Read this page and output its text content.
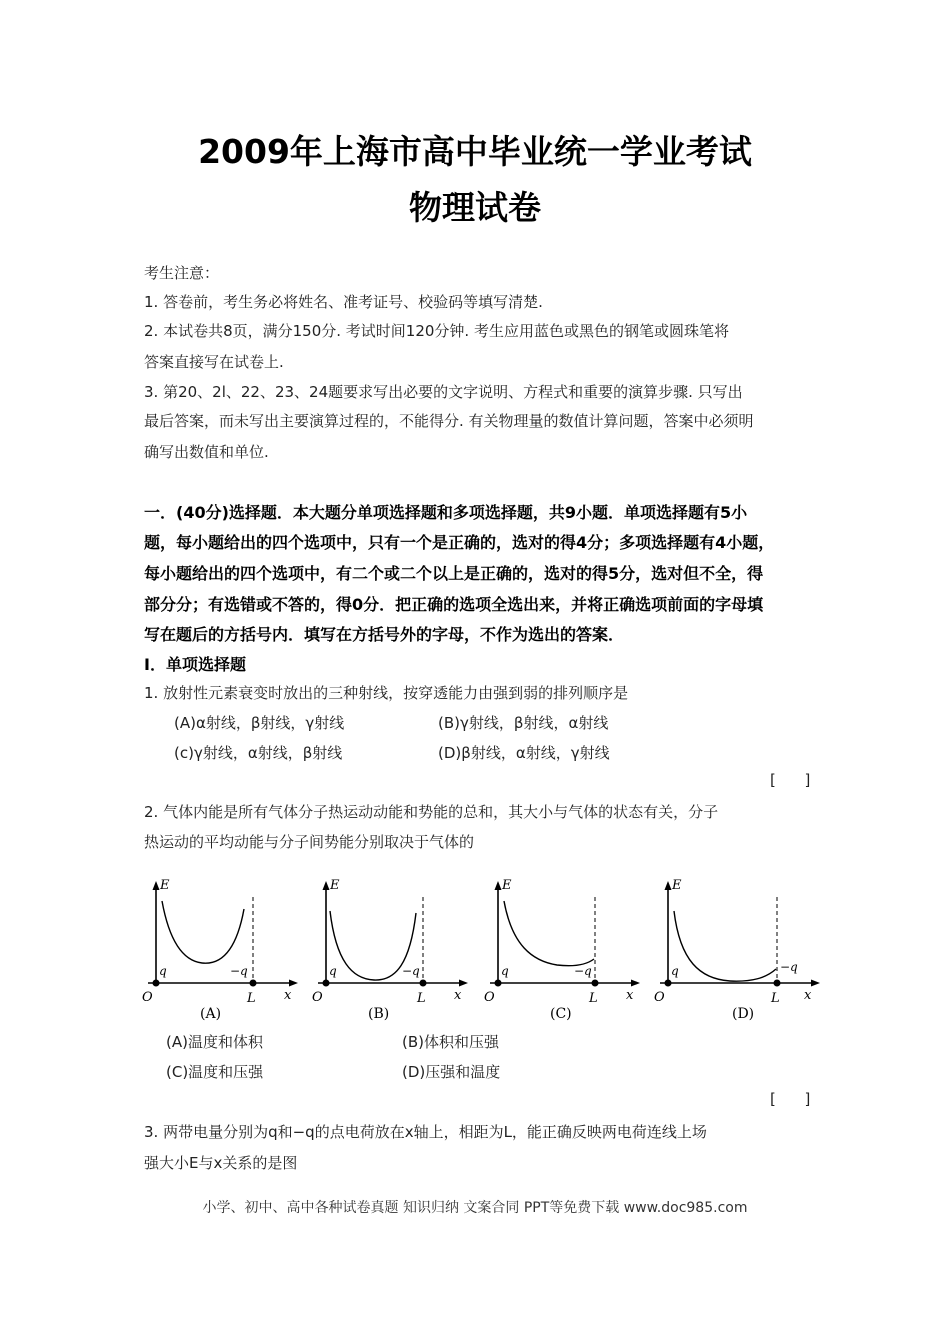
2009年上海市高中毕业统一学业考试
物理试卷
考生注意：
1. 答卷前，考生务必将姓名、准考证号、校验码等填写清楚.
2. 本试卷共8页，满分150分. 考试时间120分钟. 考生应用蓝色或黑色的钢笔或圆珠笔将
答案直接写在试卷上.
3. 第20、2l、22、23、24题要求写出必要的文字说明、方程式和重要的演算步骤. 只写出
最后答案，而未写出主要演算过程的，不能得分. 有关物理量的数值计算问题，答案中必须明
确写出数值和单位.
一．(40分)选择题．本大题分单项选择题和多项选择题，共9小题．单项选择题有5小
题，每小题给出的四个选项中，只有一个是正确的，选对的得4分；多项选择题有4小题，
每小题给出的四个选项中，有二个或二个以上是正确的，选对的得5分，选对但不全，得
部分分；有选错或不答的，得0分．把正确的选项全选出来，并将正确选项前面的字母填
写在题后的方括号内．填写在方括号外的字母，不作为选出的答案．
Ⅰ．单项选择题
1. 放射性元素衰变时放出的三种射线，按穿透能力由强到弱的排列顺序是
(A)α射线，β射线，γ射线	(B)γ射线，β射线，α射线
(c)γ射线，α射线，β射线	(D)β射线，α射线，γ射线
[      ]
2. 气体内能是所有气体分子热运动动能和势能的总和，其大小与气体的状态有关，分子
热运动的平均动能与分子间势能分别取决于气体的
E
q	−q
O	L x
(A)
E
q	−q
O	L x
(B)
E
q	−q
O	L x
(C)
E
q	−q
O	L x
(D)
(A)温度和体积	(B)体积和压强
(C)温度和压强	(D)压强和温度
[      ]
3. 两带电量分别为q和−q的点电荷放在x轴上，相距为L，能正确反映两电荷连线上场
强大小E与x关系的是图
小学、初中、高中各种试卷真题 知识归纳 文案合同 PPT等免费下载 www.doc985.com
